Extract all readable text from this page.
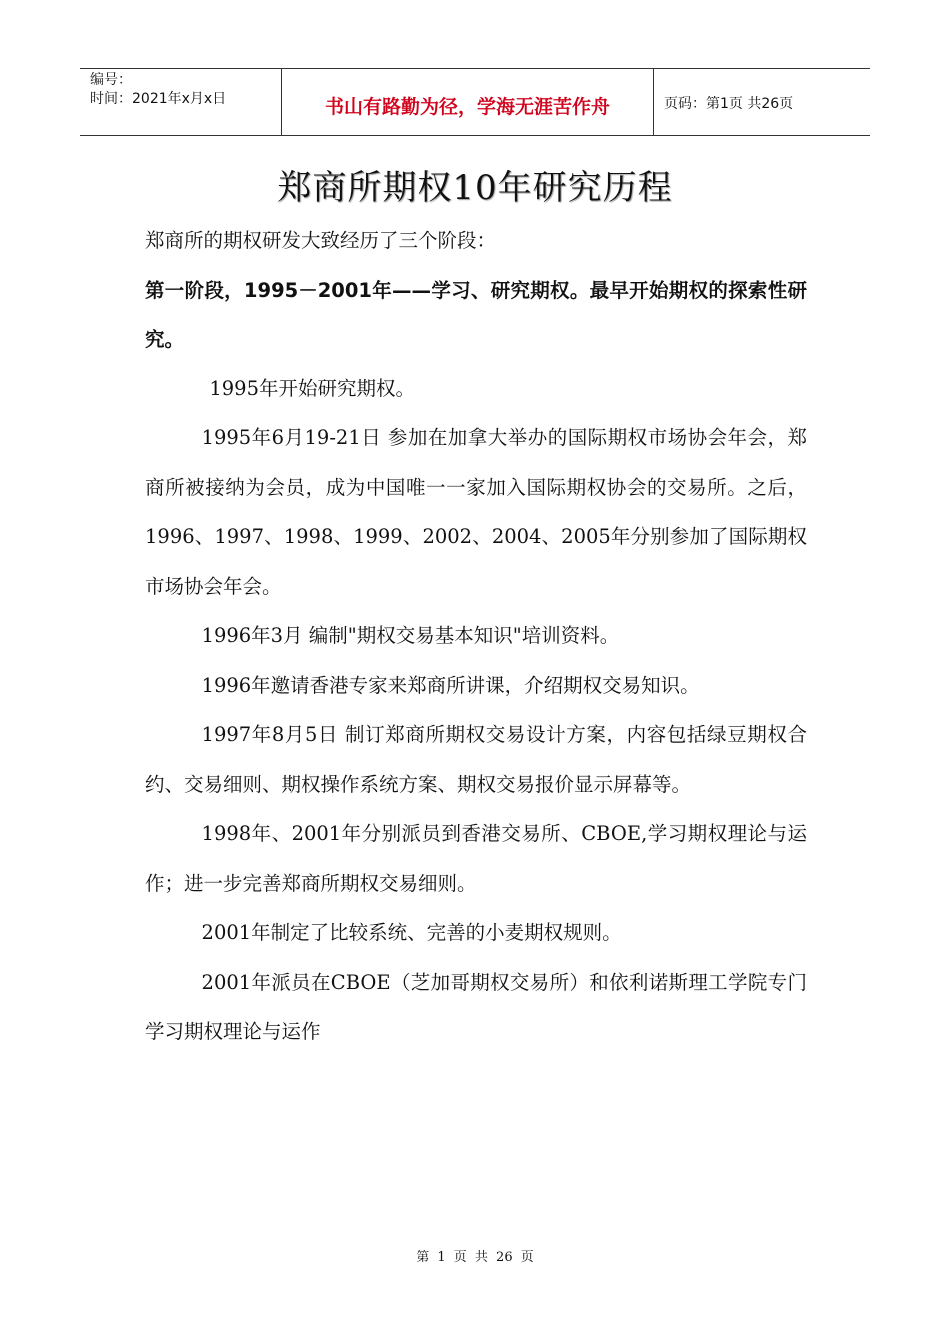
编号：
时间：2021年x月x日	书山有路勤为径，学海无涯苦作舟	页码：第1页 共26页
郑商所期权10年研究历程

郑商所的期权研发大致经历了三个阶段：

第一阶段，1995－2001年——学习、研究期权。最早开始期权的探索性研究。

1995年开始研究期权。

1995年6月19-21日 参加在加拿大举办的国际期权市场协会年会，郑商所被接纳为会员，成为中国唯一一家加入国际期权协会的交易所。之后，1996、1997、1998、1999、2002、2004、2005年分别参加了国际期权市场协会年会。

1996年3月 编制"期权交易基本知识"培训资料。

1996年邀请香港专家来郑商所讲课，介绍期权交易知识。

1997年8月5日 制订郑商所期权交易设计方案，内容包括绿豆期权合约、交易细则、期权操作系统方案、期权交易报价显示屏幕等。

1998年、2001年分别派员到香港交易所、CBOE,学习期权理论与运作；进一步完善郑商所期权交易细则。

2001年制定了比较系统、完善的小麦期权规则。

2001年派员在CBOE（芝加哥期权交易所）和依利诺斯理工学院专门学习期权理论与运作

第 1 页 共 26 页
